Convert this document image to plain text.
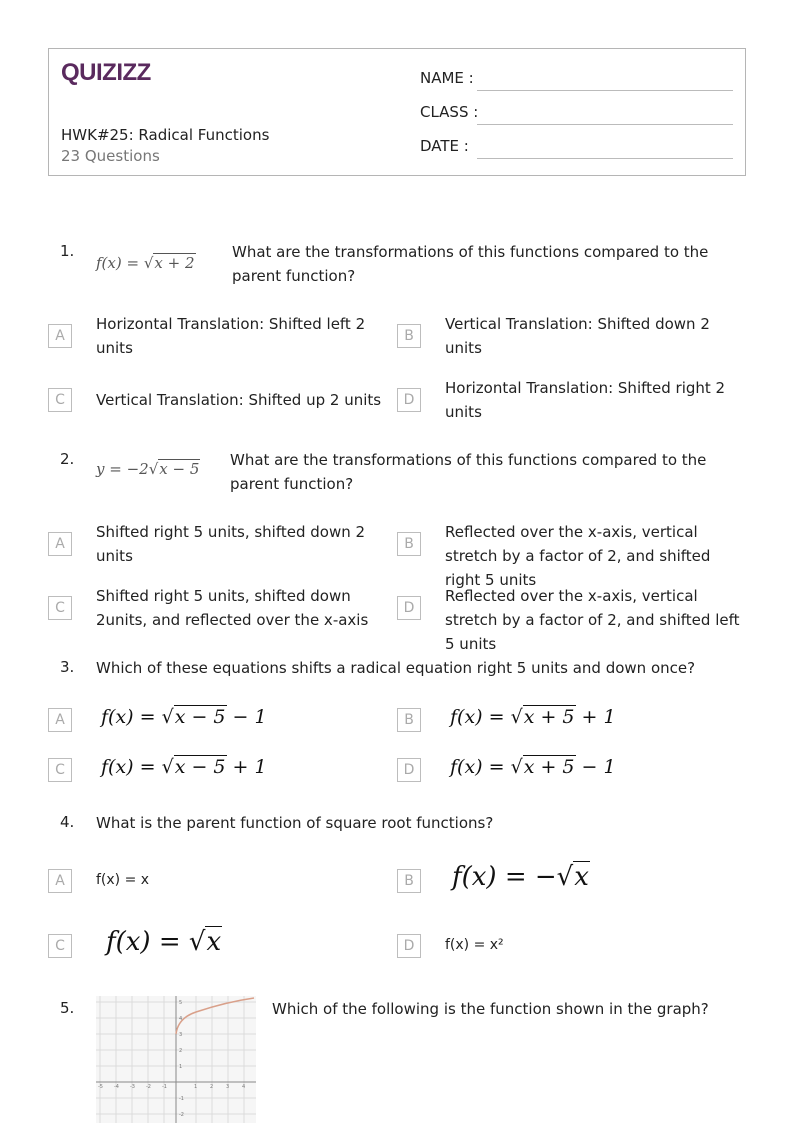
QUIZIZZ
HWK#25: Radical Functions
23 Questions
NAME :
CLASS :
DATE :
1.
f(x) = √x + 2
What are the transformations of this functions compared to the parent function?
A
Horizontal Translation: Shifted left 2 units
B
Vertical Translation: Shifted down 2 units
C	Vertical Translation: Shifted up 2 units	D
Horizontal Translation: Shifted right 2 units
2.
y = −2√x − 5 What are the transformations of this functions compared to the parent function?
A
Shifted right 5 units, shifted down 2 units
B
Reflected over the x-axis, vertical stretch by a factor of 2, and shifted right 5 units
C
Shifted right 5 units, shifted down 2units, and reflected over the x-axis
D
Reflected over the x-axis, vertical stretch by a factor of 2, and shifted left 5 units
3. Which of these equations shifts a radical equation right 5 units and down once?
A	f(x) = √x − 5 − 1	B	f(x) = √x + 5 + 1
C	f(x) = √x − 5 + 1	D	f(x) = √x + 5 − 1
4. What is the parent function of square root functions?
A	f(x) = x	B f(x) = −√x
C f(x) = √x	D	f(x) = x²
5.
-5 -4 -3 -2 -1	1	2	3	4
5
4
3
2
1
-1
-2
Which of the following is the function shown in the graph?
